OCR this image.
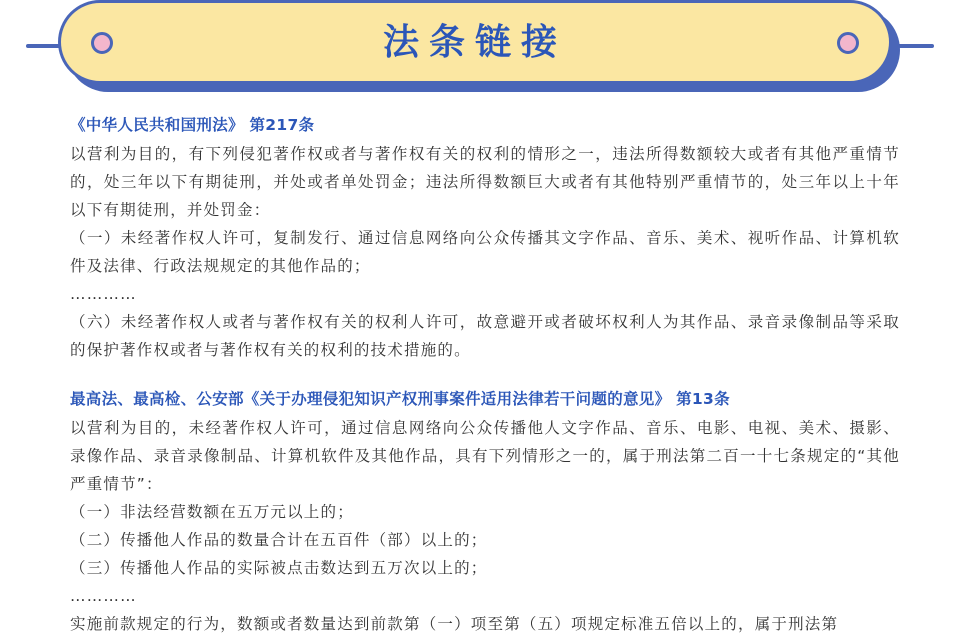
法条链接
《中华人民共和国刑法》 第217条
以营利为目的，有下列侵犯著作权或者与著作权有关的权利的情形之一，违法所得数额较大或者有其他严重情节的，处三年以下有期徒刑，并处或者单处罚金；违法所得数额巨大或者有其他特别严重情节的，处三年以上十年以下有期徒刑，并处罚金：
（一）未经著作权人许可，复制发行、通过信息网络向公众传播其文字作品、音乐、美术、视听作品、计算机软件及法律、行政法规规定的其他作品的；
…………
（六）未经著作权人或者与著作权有关的权利人许可，故意避开或者破坏权利人为其作品、录音录像制品等采取的保护著作权或者与著作权有关的权利的技术措施的。
最高法、最高检、公安部《关于办理侵犯知识产权刑事案件适用法律若干问题的意见》 第13条
以营利为目的，未经著作权人许可，通过信息网络向公众传播他人文字作品、音乐、电影、电视、美术、摄影、录像作品、录音录像制品、计算机软件及其他作品，具有下列情形之一的，属于刑法第二百一十七条规定的“其他严重情节”：
（一）非法经营数额在五万元以上的；
（二）传播他人作品的数量合计在五百件（部）以上的；
（三）传播他人作品的实际被点击数达到五万次以上的；
…………
实施前款规定的行为，数额或者数量达到前款第（一）项至第（五）项规定标准五倍以上的，属于刑法第
